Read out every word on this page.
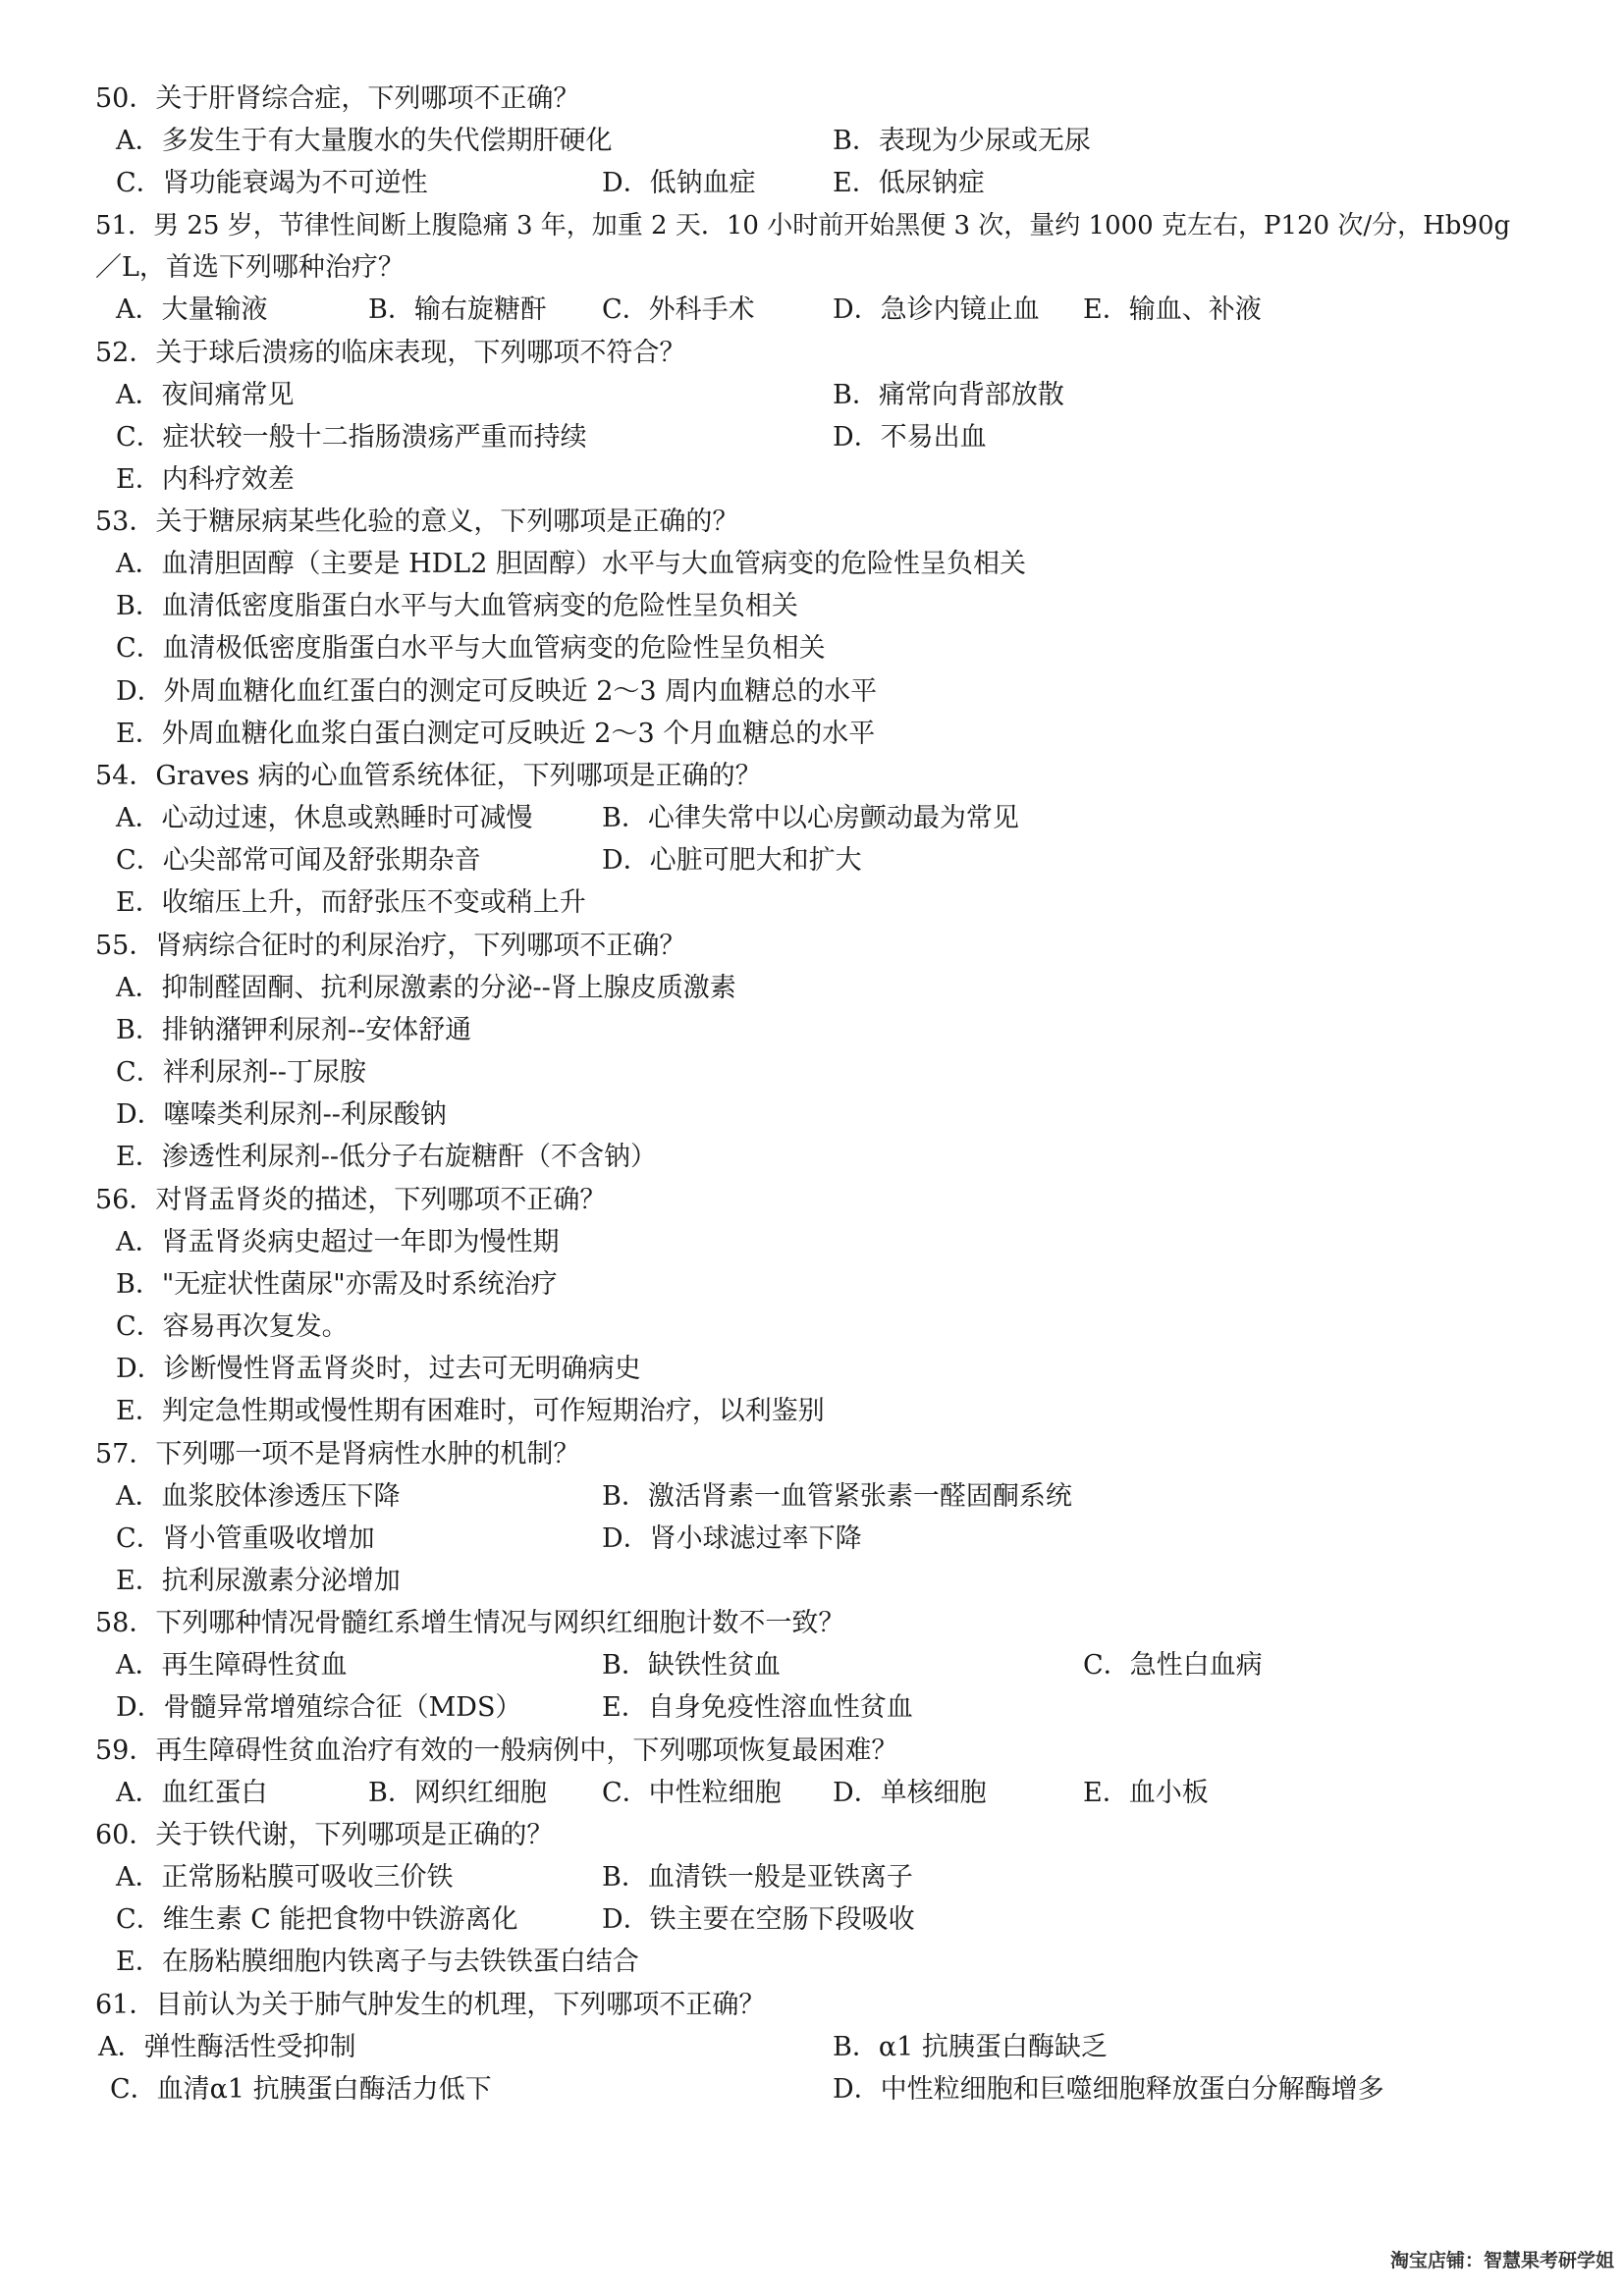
50．关于肝肾综合症，下列哪项不正确？
A．多发生于有大量腹水的失代偿期肝硬化	B．表现为少尿或无尿
C．肾功能衰竭为不可逆性	D．低钠血症	E．低尿钠症
51．男 25 岁，节律性间断上腹隐痛 3 年，加重 2 天．10 小时前开始黑便 3 次，量约 1000 克左右，P120 次/分，Hb90g
／L，首选下列哪种治疗？
A．大量输液	B．输右旋糖酐 C．外科手术	D．急诊内镜止血 E．输血、补液
52．关于球后溃疡的临床表现，下列哪项不符合？
A．夜间痛常见	B．痛常向背部放散
C．症状较一般十二指肠溃疡严重而持续	D．不易出血
E．内科疗效差
53．关于糖尿病某些化验的意义，下列哪项是正确的？
A．血清胆固醇（主要是 HDL2 胆固醇）水平与大血管病变的危险性呈负相关
B．血清低密度脂蛋白水平与大血管病变的危险性呈负相关
C．血清极低密度脂蛋白水平与大血管病变的危险性呈负相关
D．外周血糖化血红蛋白的测定可反映近 2～3 周内血糖总的水平
E．外周血糖化血浆白蛋白测定可反映近 2～3 个月血糖总的水平
54．Graves 病的心血管系统体征，下列哪项是正确的？
A．心动过速，休息或熟睡时可减慢	B．心律失常中以心房颤动最为常见
C．心尖部常可闻及舒张期杂音	D．心脏可肥大和扩大
E．收缩压上升，而舒张压不变或稍上升
55．肾病综合征时的利尿治疗，下列哪项不正确？
A．抑制醛固酮、抗利尿激素的分泌--肾上腺皮质激素
B．排钠潴钾利尿剂--安体舒通
C．袢利尿剂--丁尿胺
D．噻嗪类利尿剂--利尿酸钠
E．渗透性利尿剂--低分子右旋糖酐（不含钠）
56．对肾盂肾炎的描述，下列哪项不正确？
A．肾盂肾炎病史超过一年即为慢性期
B．"无症状性菌尿"亦需及时系统治疗
C．容易再次复发。
D．诊断慢性肾盂肾炎时，过去可无明确病史
E．判定急性期或慢性期有困难时，可作短期治疗，以利鉴别
57．下列哪一项不是肾病性水肿的机制？
A．血浆胶体渗透压下降	B．激活肾素一血管紧张素一醛固酮系统
C．肾小管重吸收增加	D．肾小球滤过率下降
E．抗利尿激素分泌增加
58．下列哪种情况骨髓红系增生情况与网织红细胞计数不一致？
A．再生障碍性贫血	B．缺铁性贫血	C．急性白血病
D．骨髓异常增殖综合征（MDS）	E．自身免疫性溶血性贫血
59．再生障碍性贫血治疗有效的一般病例中，下列哪项恢复最困难？
A．血红蛋白	B．网织红细胞 C．中性粒细胞 D．单核细胞	E．血小板
60．关于铁代谢，下列哪项是正确的？
A．正常肠粘膜可吸收三价铁	B．血清铁一般是亚铁离子
C．维生素 C 能把食物中铁游离化	D．铁主要在空肠下段吸收
E．在肠粘膜细胞内铁离子与去铁铁蛋白结合
61．目前认为关于肺气肿发生的机理，下列哪项不正确？
A．弹性酶活性受抑制	B．α1 抗胰蛋白酶缺乏
C．血清α1 抗胰蛋白酶活力低下	D．中性粒细胞和巨噬细胞释放蛋白分解酶增多
淘宝店铺：智慧果考研学姐
